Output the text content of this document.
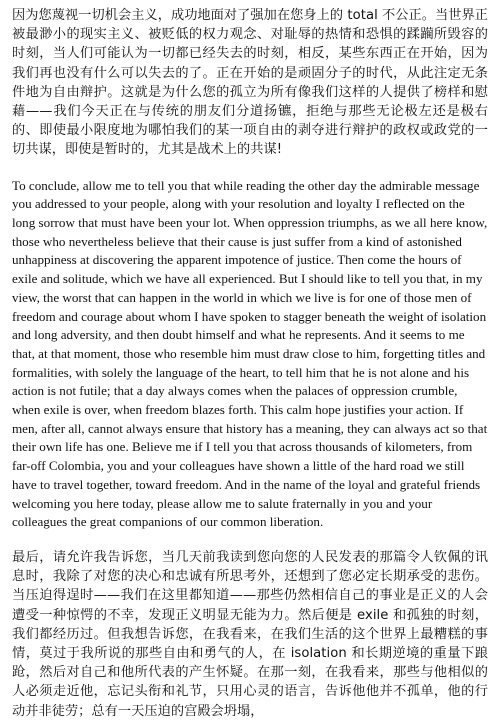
因为您蔑视一切机会主义，成功地面对了强加在您身上的 total 不公正。当世界正被最渺小的现实主义、被贬低的权力观念、对耻辱的热情和恐惧的蹂躏所毁容的时刻，当人们可能认为一切都已经失去的时刻，相反，某些东西正在开始，因为我们再也没有什么可以失去的了。正在开始的是顽固分子的时代，从此注定无条件地为自由辩护。这就是为什么您的孤立为所有像我们这样的人提供了榜样和慰藉——我们今天正在与传统的朋友们分道扬镳，拒绝与那些无论极左还是极右的、即使最小限度地为哪怕我们的某一项自由的剥夺进行辩护的政权或政党的一切共谋，即使是暂时的，尤其是战术上的共谋!

To conclude, allow me to tell you that while reading the other day the admirable message you addressed to your people, along with your resolution and loyalty I reflected on the long sorrow that must have been your lot. When oppression triumphs, as we all here know, those who nevertheless believe that their cause is just suffer from a kind of astonished unhappiness at discovering the apparent impotence of justice. Then come the hours of exile and solitude, which we have all experienced. But I should like to tell you that, in my view, the worst that can happen in the world in which we live is for one of those men of freedom and courage about whom I have spoken to stagger beneath the weight of isolation and long adversity, and then doubt himself and what he represents. And it seems to me that, at that moment, those who resemble him must draw close to him, forgetting titles and formalities, with solely the language of the heart, to tell him that he is not alone and his action is not futile; that a day always comes when the palaces of oppression crumble, when exile is over, when freedom blazes forth. This calm hope justifies your action. If men, after all, cannot always ensure that history has a meaning, they can always act so that their own life has one. Believe me if I tell you that across thousands of kilometers, from far-off Colombia, you and your colleagues have shown a little of the hard road we still have to travel together, toward freedom. And in the name of the loyal and grateful friends welcoming you here today, please allow me to salute fraternally in you and your colleagues the great companions of our common liberation.

最后，请允许我告诉您，当几天前我读到您向您的人民发表的那篇令人钦佩的讯息时，我除了对您的决心和忠诚有所思考外，还想到了您必定长期承受的悲伤。当压迫得逞时——我们在这里都知道——那些仍然相信自己的事业是正义的人会遭受一种惊愕的不幸，发现正义明显无能为力。然后便是 exile 和孤独的时刻，我们都经历过。但我想告诉您，在我看来，在我们生活的这个世界上最糟糕的事情，莫过于我所说的那些自由和勇气的人，在 isolation 和长期逆境的重量下踉跄，然后对自己和他所代表的产生怀疑。在那一刻，在我看来，那些与他相似的人必须走近他，忘记头衔和礼节，只用心灵的语言，告诉他他并不孤单，他的行动并非徒劳；总有一天压迫的宫殿会坍塌，
